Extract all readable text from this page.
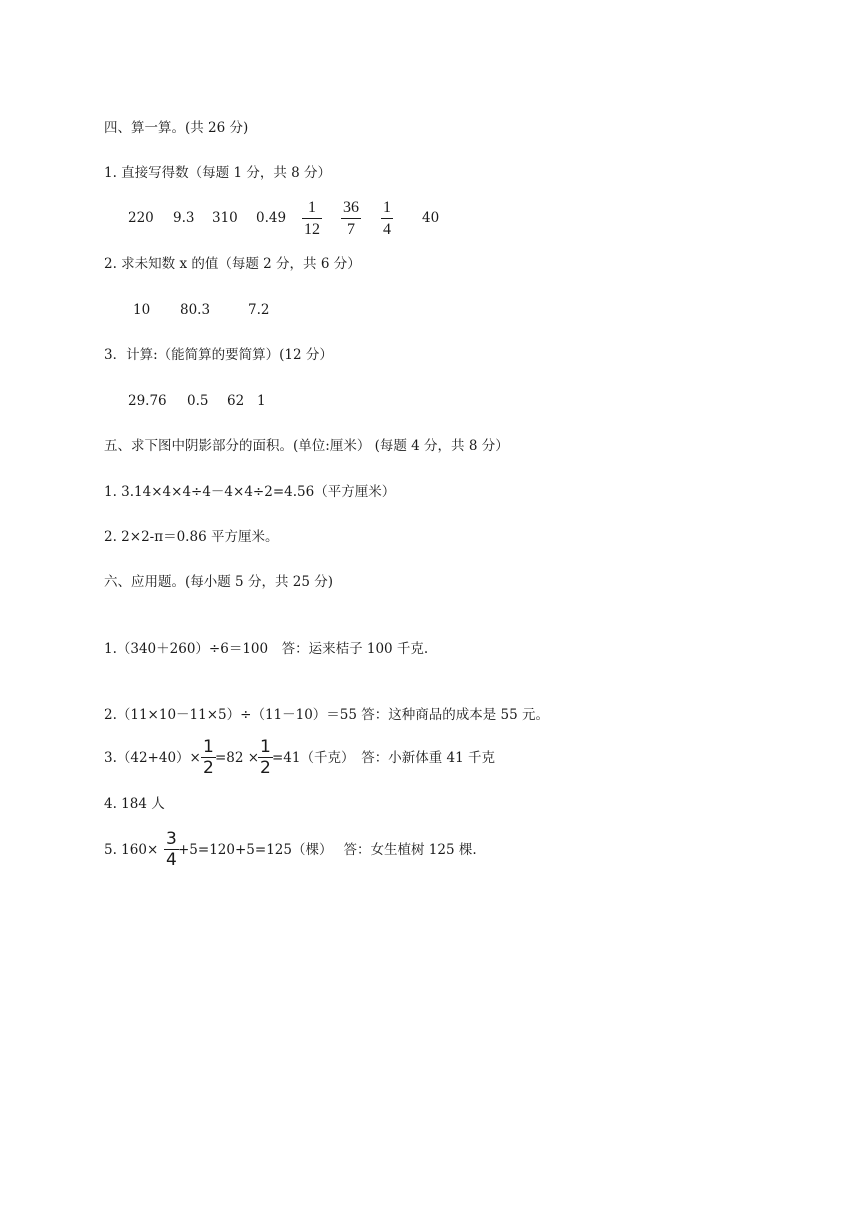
四、算一算。(共 26 分)
1. 直接写得数（每题 1 分，共 8 分）
220 9.3 310 0.49
1
12
36
7
1
4
40
2. 求未知数 x 的值（每题 2 分，共 6 分）
10 80.3	7.2
3．计算:（能简算的要简算）(12 分）
29.76 0.5 62 1
五、求下图中阴影部分的面积。(单位:厘米） (每题 4 分，共 8 分）
1. 3.14×4×4÷4－4×4÷2=4.56（平方厘米）
2. 2×2-π＝0.86 平方厘米。
六、应用题。(每小题 5 分，共 25 分)
1.（340＋260）÷6＝100　答：运来桔子 100 千克.
2.（11×10－11×5）÷（11－10）＝55 答：这种商品的成本是 55 元。
3.（42+40）×
1
2 =82 ×
1
2 =41（千克）　答：小新体重 41 千克
4. 184 人
5. 160×
3
4 +5=120+5=125（棵）　 答：女生植树 125 棵.
